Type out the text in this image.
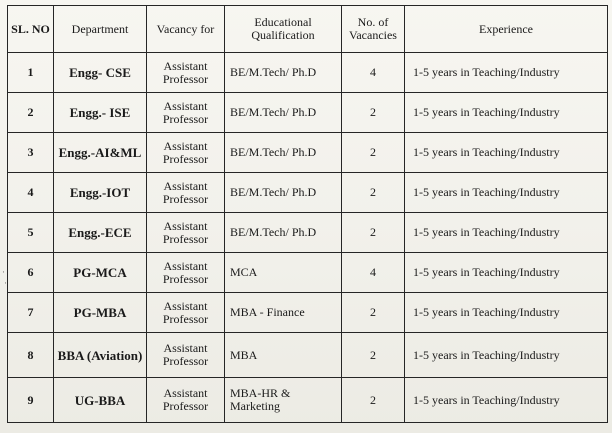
SL. NO	Department	Vacancy for	Educational Qualification	No. of Vacancies	Experience
1	Engg- CSE	Assistant Professor	BE/M.Tech/ Ph.D	4	1-5 years in Teaching/Industry
2	Engg.- ISE	Assistant Professor	BE/M.Tech/ Ph.D	2	1-5 years in Teaching/Industry
3	Engg.-AI&ML	Assistant Professor	BE/M.Tech/ Ph.D	2	1-5 years in Teaching/Industry
4	Engg.-IOT	Assistant Professor	BE/M.Tech/ Ph.D	2	1-5 years in Teaching/Industry
5	Engg.-ECE	Assistant Professor	BE/M.Tech/ Ph.D	2	1-5 years in Teaching/Industry
6	PG-MCA	Assistant Professor	MCA	4	1-5 years in Teaching/Industry
7	PG-MBA	Assistant Professor	MBA - Finance	2	1-5 years in Teaching/Industry
8	BBA (Aviation)	Assistant Professor	MBA	2	1-5 years in Teaching/Industry
9	UG-BBA	Assistant Professor	MBA-HR & Marketing	2	1-5 years in Teaching/Industry
·
·
